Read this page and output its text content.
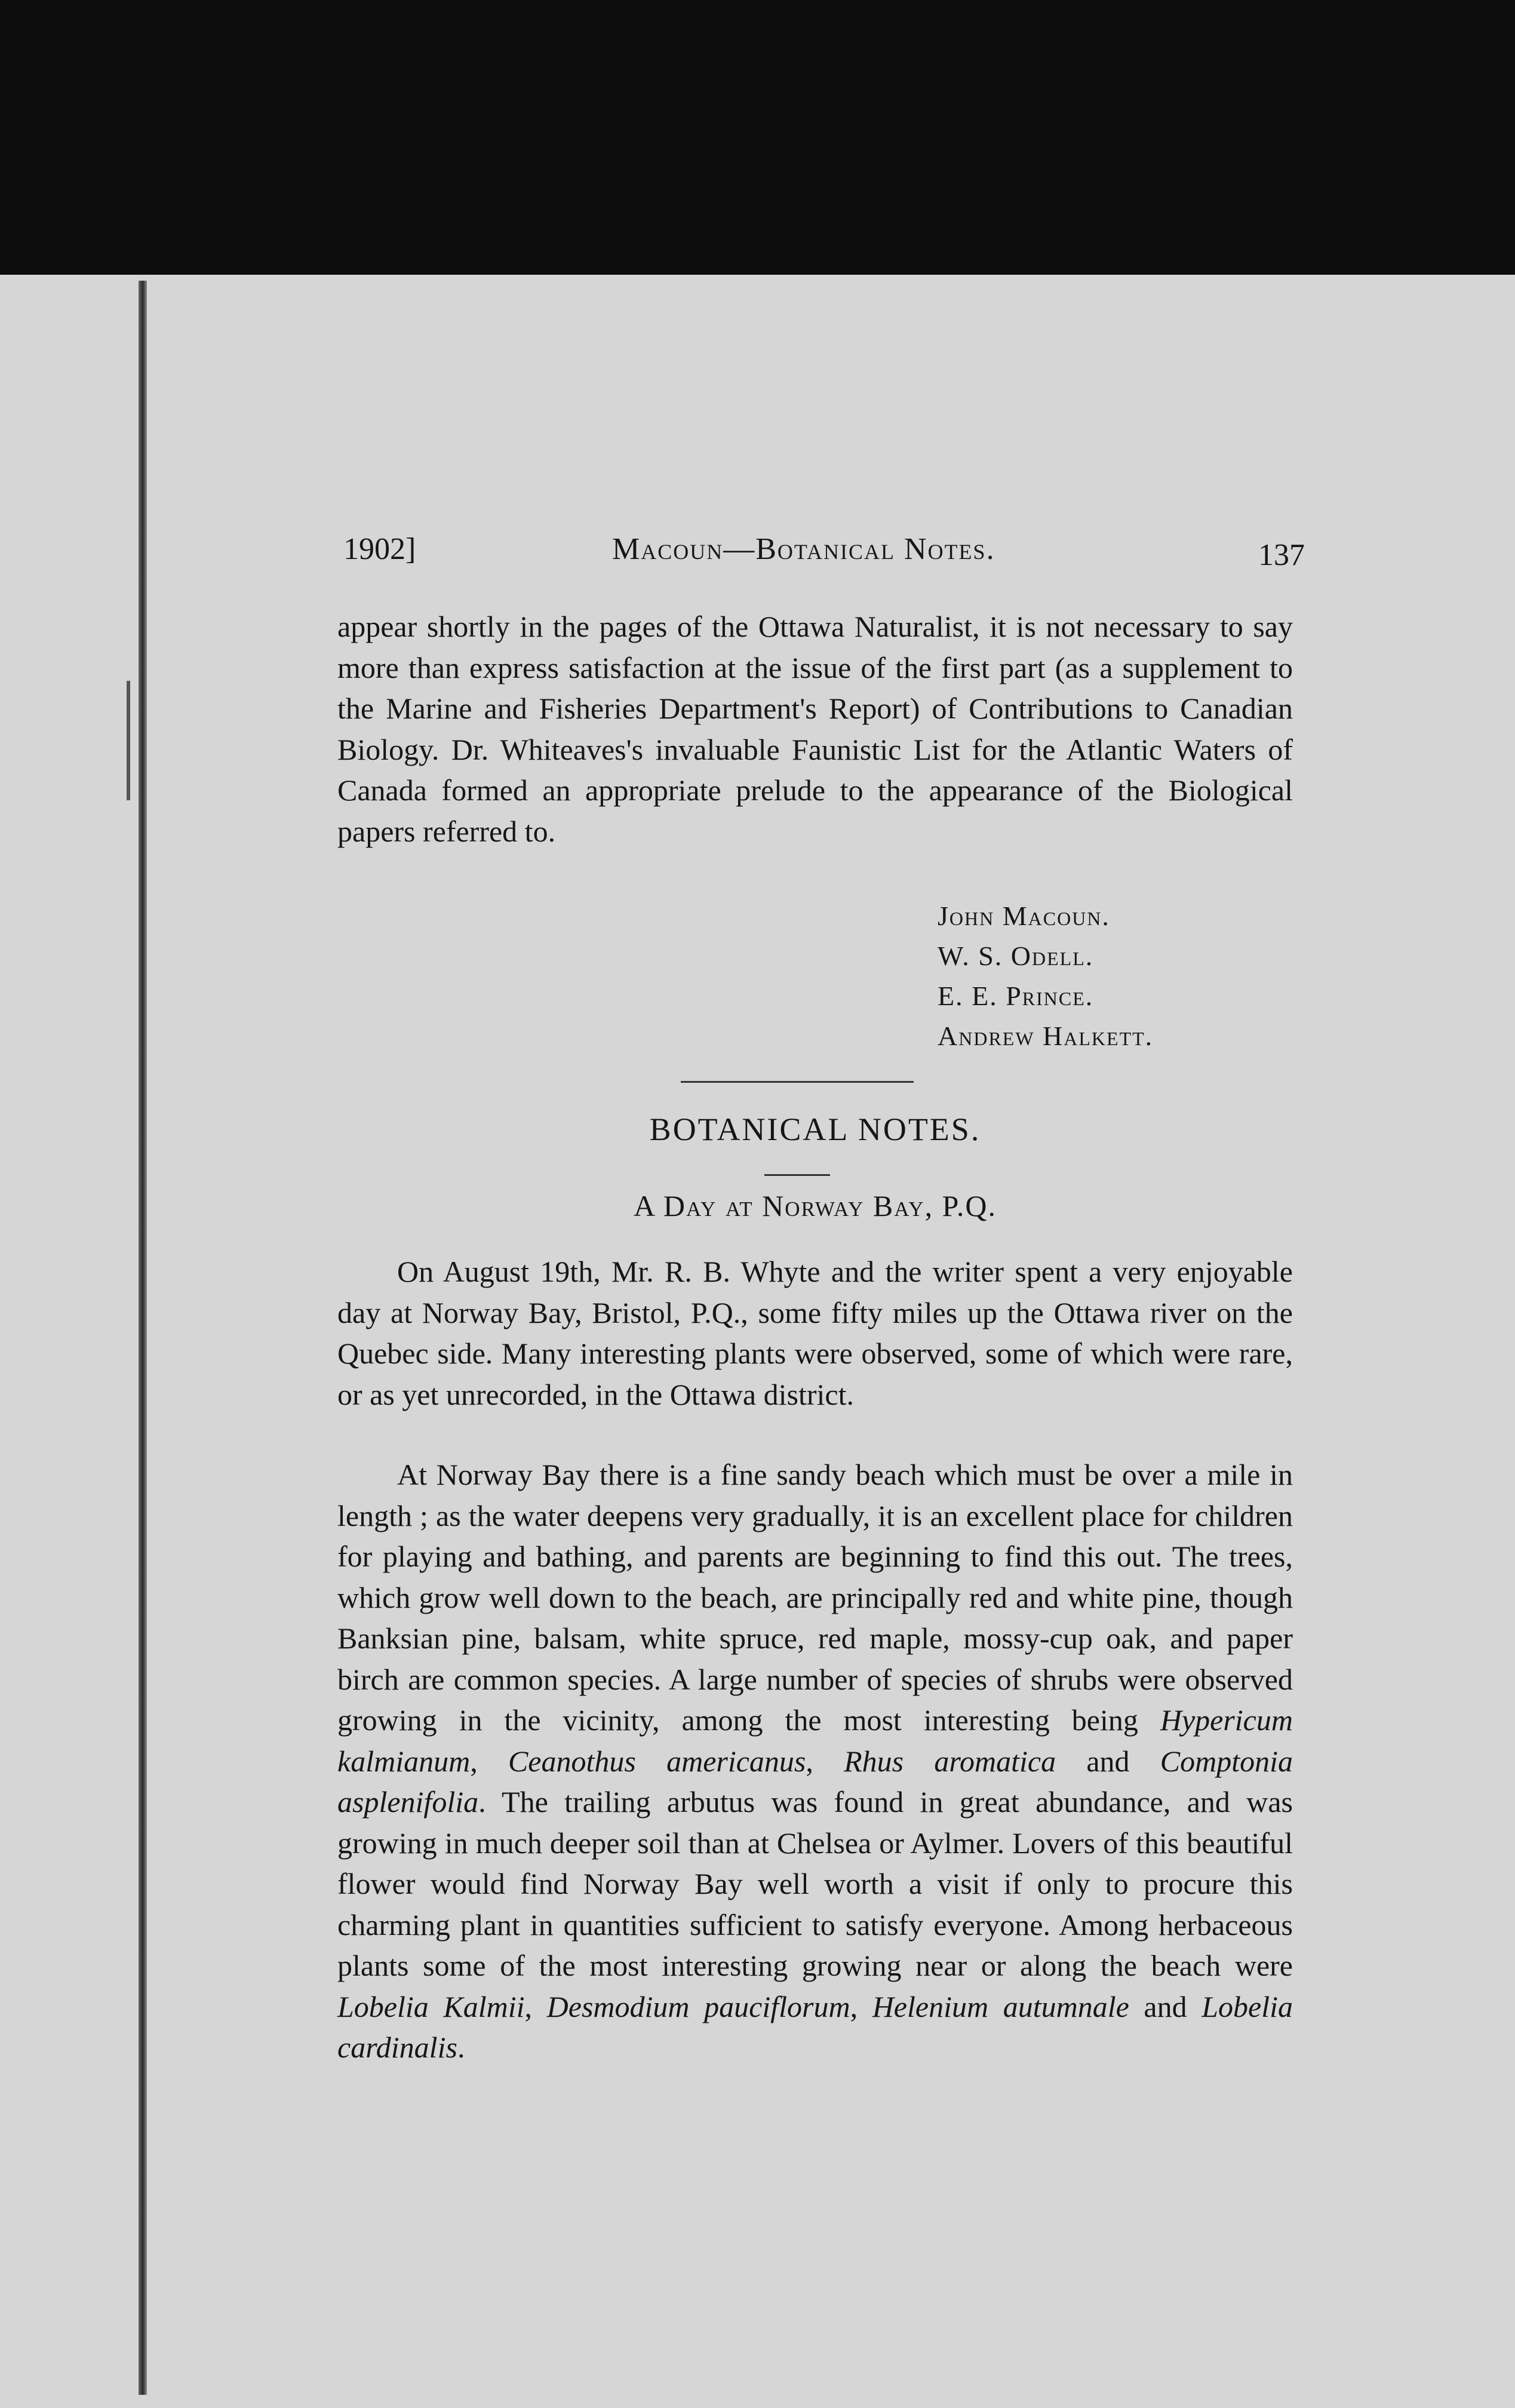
1902]	Macoun—Botanical Notes.	137
appear shortly in the pages of the Ottawa Naturalist, it is not necessary to say more than express satisfaction at the issue of the first part (as a supplement to the Marine and Fisheries Department's Report) of Contributions to Canadian Biology. Dr. Whiteaves's invaluable Faunistic List for the Atlantic Waters of Canada formed an appropriate prelude to the appearance of the Biological papers referred to.
John Macoun.
W. S. Odell.
E. E. Prince.
Andrew Halkett.
BOTANICAL NOTES.
A Day at Norway Bay, P.Q.
On August 19th, Mr. R. B. Whyte and the writer spent a very enjoyable day at Norway Bay, Bristol, P.Q., some fifty miles up the Ottawa river on the Quebec side. Many interesting plants were observed, some of which were rare, or as yet unrecorded, in the Ottawa district.
At Norway Bay there is a fine sandy beach which must be over a mile in length ; as the water deepens very gradually, it is an excellent place for children for playing and bathing, and parents are beginning to find this out. The trees, which grow well down to the beach, are principally red and white pine, though Banksian pine, balsam, white spruce, red maple, mossy-cup oak, and paper birch are common species. A large number of species of shrubs were observed growing in the vicinity, among the most interesting being Hypericum kalmianum, Ceanothus americanus, Rhus aromatica and Comptonia asplenifolia. The trailing arbutus was found in great abundance, and was growing in much deeper soil than at Chelsea or Aylmer. Lovers of this beautiful flower would find Norway Bay well worth a visit if only to procure this charming plant in quantities sufficient to satisfy everyone. Among herbaceous plants some of the most interesting growing near or along the beach were Lobelia Kalmii, Desmodium pauciflorum, Helenium autumnale and Lobelia cardinalis.
